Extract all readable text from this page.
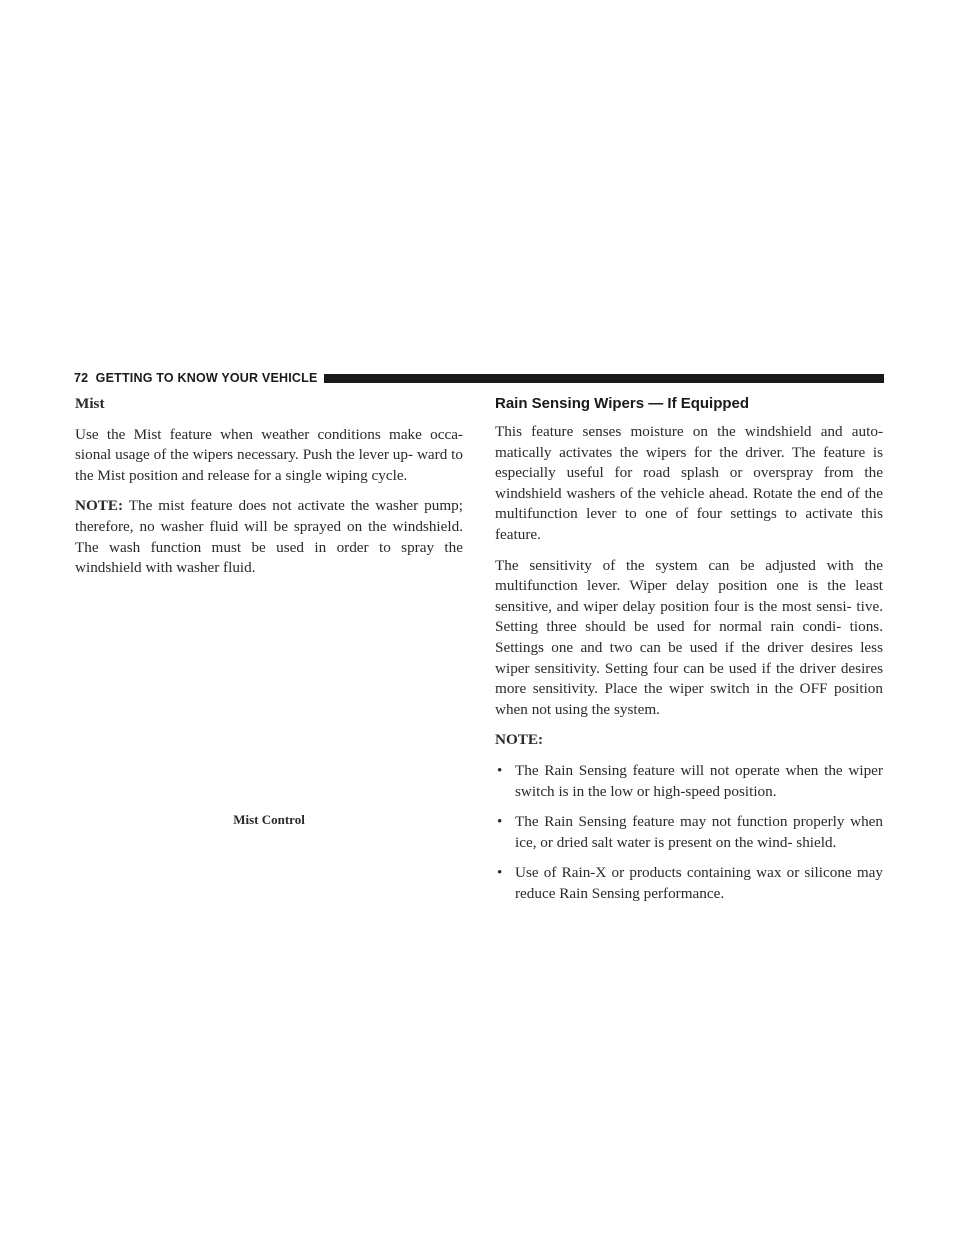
72 GETTING TO KNOW YOUR VEHICLE
Mist

Use the Mist feature when weather conditions make occa- sional usage of the wipers necessary. Push the lever up- ward to the Mist position and release for a single wiping cycle.

NOTE: The mist feature does not activate the washer pump; therefore, no washer fluid will be sprayed on the windshield. The wash function must be used in order to spray the windshield with washer fluid.

Mist Control
Rain Sensing Wipers — If Equipped

This feature senses moisture on the windshield and auto- matically activates the wipers for the driver. The feature is especially useful for road splash or overspray from the windshield washers of the vehicle ahead. Rotate the end of the multifunction lever to one of four settings to activate this feature.

The sensitivity of the system can be adjusted with the multifunction lever. Wiper delay position one is the least sensitive, and wiper delay position four is the most sensi- tive. Setting three should be used for normal rain condi- tions. Settings one and two can be used if the driver desires less wiper sensitivity. Setting four can be used if the driver desires more sensitivity. Place the wiper switch in the OFF position when not using the system.

NOTE:

• The Rain Sensing feature will not operate when the wiper switch is in the low or high-speed position.
• The Rain Sensing feature may not function properly when ice, or dried salt water is present on the wind- shield.
• Use of Rain-X or products containing wax or silicone may reduce Rain Sensing performance.
